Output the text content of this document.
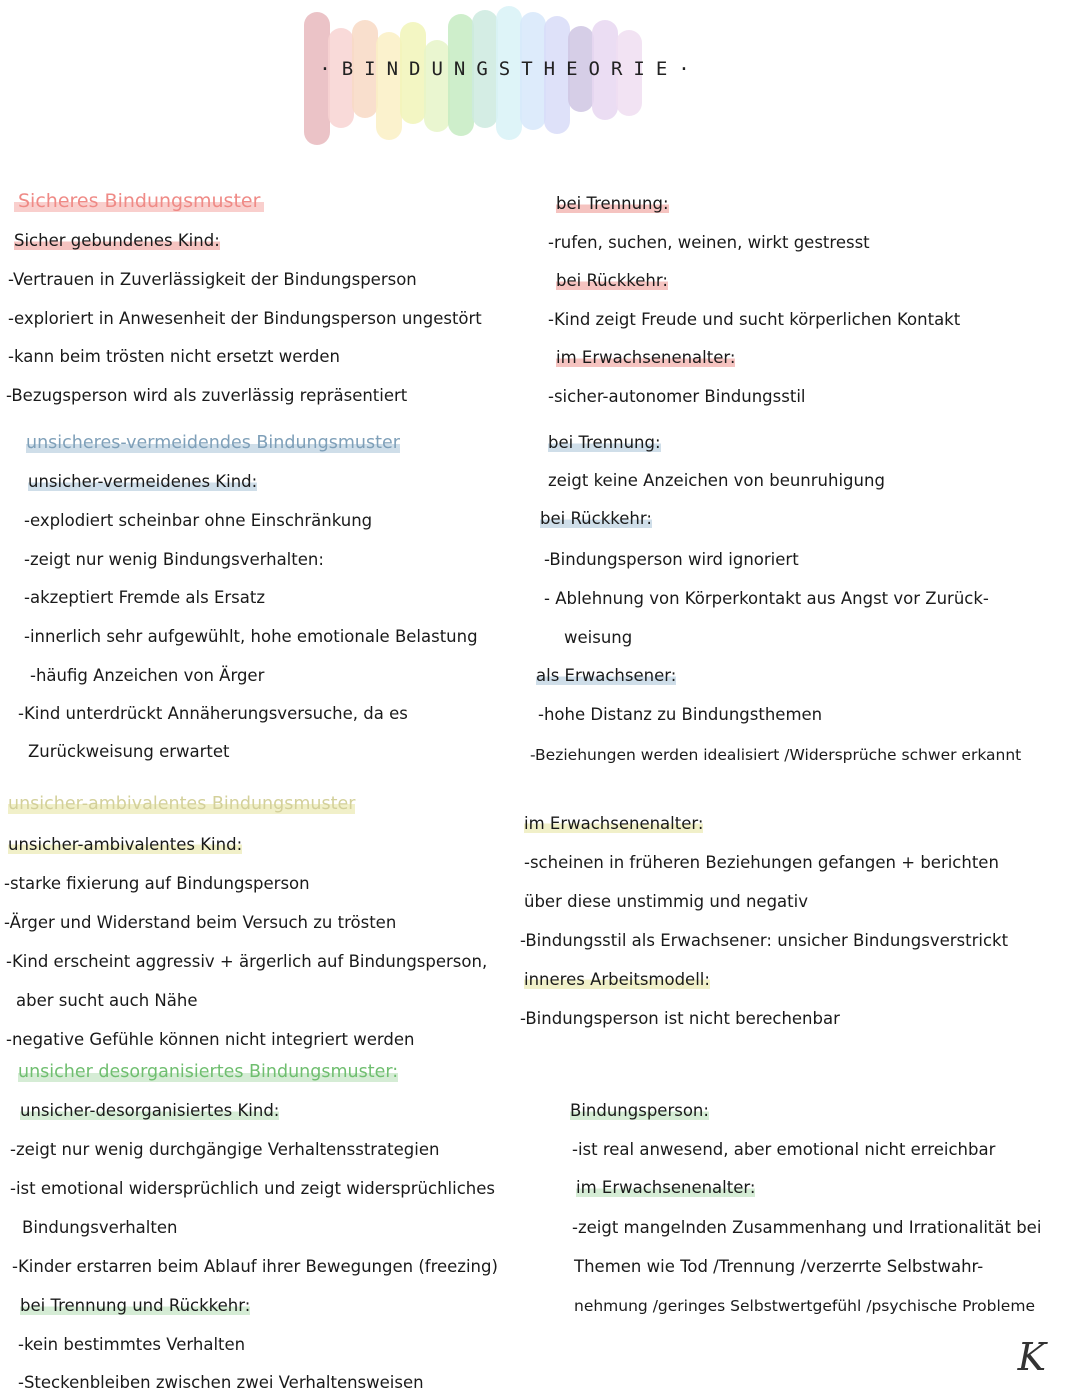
·BINDUNGSTHEORIE·
Sicheres Bindungsmuster
Sicher gebundenes Kind:
-Vertrauen in Zuverlässigkeit der Bindungsperson
-exploriert in Anwesenheit der Bindungsperson ungestört
-kann beim trösten nicht ersetzt werden
-Bezugsperson wird als zuverlässig repräsentiert
unsicheres-vermeidendes Bindungsmuster
unsicher-vermeidenes Kind:
-explodiert scheinbar ohne Einschränkung
-zeigt nur wenig Bindungsverhalten:
-akzeptiert Fremde als Ersatz
-innerlich sehr aufgewühlt, hohe emotionale Belastung
-häufig Anzeichen von Ärger
-Kind unterdrückt Annäherungsversuche, da es
Zurückweisung erwartet
unsicher-ambivalentes Bindungsmuster
unsicher-ambivalentes Kind:
-starke fixierung auf Bindungsperson
-Ärger und Widerstand beim Versuch zu trösten
-Kind erscheint aggressiv + ärgerlich auf Bindungsperson,
aber sucht auch Nähe
-negative Gefühle können nicht integriert werden
unsicher desorganisiertes Bindungsmuster:
unsicher-desorganisiertes Kind:
-zeigt nur wenig durchgängige Verhaltensstrategien
-ist emotional widersprüchlich und zeigt widersprüchliches
Bindungsverhalten
-Kinder erstarren beim Ablauf ihrer Bewegungen (freezing)
bei Trennung und Rückkehr:
-kein bestimmtes Verhalten
-Steckenbleiben zwischen zwei Verhaltensweisen
bei Trennung:
-rufen, suchen, weinen, wirkt gestresst
bei Rückkehr:
-Kind zeigt Freude und sucht körperlichen Kontakt
im Erwachsenenalter:
-sicher-autonomer Bindungsstil
bei Trennung:
zeigt keine Anzeichen von beunruhigung
bei Rückkehr:
-Bindungsperson wird ignoriert
- Ablehnung von Körperkontakt aus Angst vor Zurück-
weisung
als Erwachsener:
-hohe Distanz zu Bindungsthemen
-Beziehungen werden idealisiert /Widersprüche schwer erkannt
im Erwachsenenalter:
-scheinen in früheren Beziehungen gefangen + berichten
über diese unstimmig und negativ
-Bindungsstil als Erwachsener: unsicher Bindungsverstrickt
inneres Arbeitsmodell:
-Bindungsperson ist nicht berechenbar
Bindungsperson:
-ist real anwesend, aber emotional nicht erreichbar
im Erwachsenenalter:
-zeigt mangelnden Zusammenhang und Irrationalität bei
Themen wie Tod /Trennung /verzerrte Selbstwahr-
nehmung /geringes Selbstwertgefühl /psychische Probleme
K
